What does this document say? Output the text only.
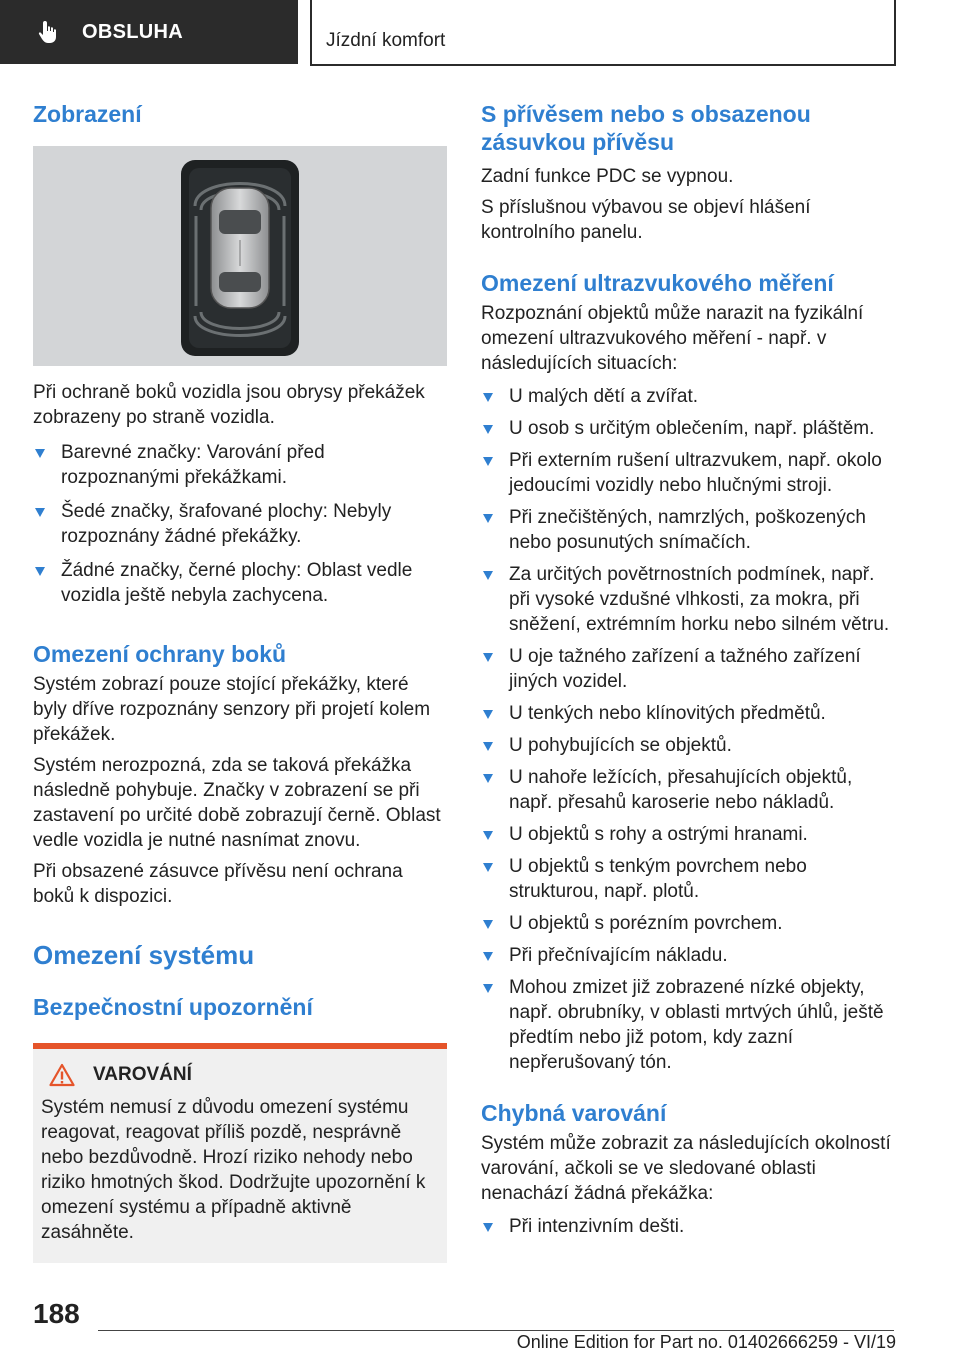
OBSLUHA	Jízdní komfort
Zobrazení

Při ochraně boků vozidla jsou obrysy překážek zobrazeny po straně vozidla.

Barevné značky: Varování před rozpoznanými překážkami.
Šedé značky, šrafované plochy: Nebyly rozpoznány žádné překážky.
Žádné značky, černé plochy: Oblast vedle vozidla ještě nebyla zachycena.
Omezení ochrany boků

Systém zobrazí pouze stojící překážky, které byly dříve rozpoznány senzory při projetí kolem překážek.

Systém nerozpozná, zda se taková překážka následně pohybuje. Značky v zobrazení se při zastavení po určité době zobrazují černě. Oblast vedle vozidla je nutné nasnímat znovu.

Při obsazené zásuvce přívěsu není ochrana boků k dispozici.

Omezení systému
Bezpečnostní upozornění
VAROVÁNÍ

Systém nemusí z důvodu omezení systému reagovat, reagovat příliš pozdě, nesprávně nebo bezdůvodně. Hrozí riziko nehody nebo riziko hmotných škod. Dodržujte upozornění k omezení systému a případně aktivně zasáhněte.

S přívěsem nebo s obsazenou zásuvkou přívěsu

Zadní funkce PDC se vypnou.

S příslušnou výbavou se objeví hlášení kontrolního panelu.

Omezení ultrazvukového měření

Rozpoznání objektů může narazit na fyzikální omezení ultrazvukového měření - např. v následujících situacích:

U malých dětí a zvířat.
U osob s určitým oblečením, např. pláštěm.
Při externím rušení ultrazvukem, např. okolo jedoucími vozidly nebo hlučnými stroji.
Při znečištěných, namrzlých, poškozených nebo posunutých snímačích.
Za určitých povětrnostních podmínek, např. při vysoké vzdušné vlhkosti, za mokra, při sněžení, extrémním horku nebo silném větru.
U oje tažného zařízení a tažného zařízení jiných vozidel.
U tenkých nebo klínovitých předmětů.
U pohybujících se objektů.
U nahoře ležících, přesahujících objektů, např. přesahů karoserie nebo nákladů.
U objektů s rohy a ostrými hranami.
U objektů s tenkým povrchem nebo strukturou, např. plotů.
U objektů s porézním povrchem.
Při přečnívajícím nákladu.
Mohou zmizet již zobrazené nízké objekty, např. obrubníky, v oblasti mrtvých úhlů, ještě předtím nebo již potom, kdy zazní nepřerušovaný tón.
Chybná varování

Systém může zobrazit za následujících okolností varování, ačkoli se ve sledované oblasti nenachází žádná překážka:

Při intenzivním dešti.
188
Online Edition for Part no. 01402666259 - VI/19
